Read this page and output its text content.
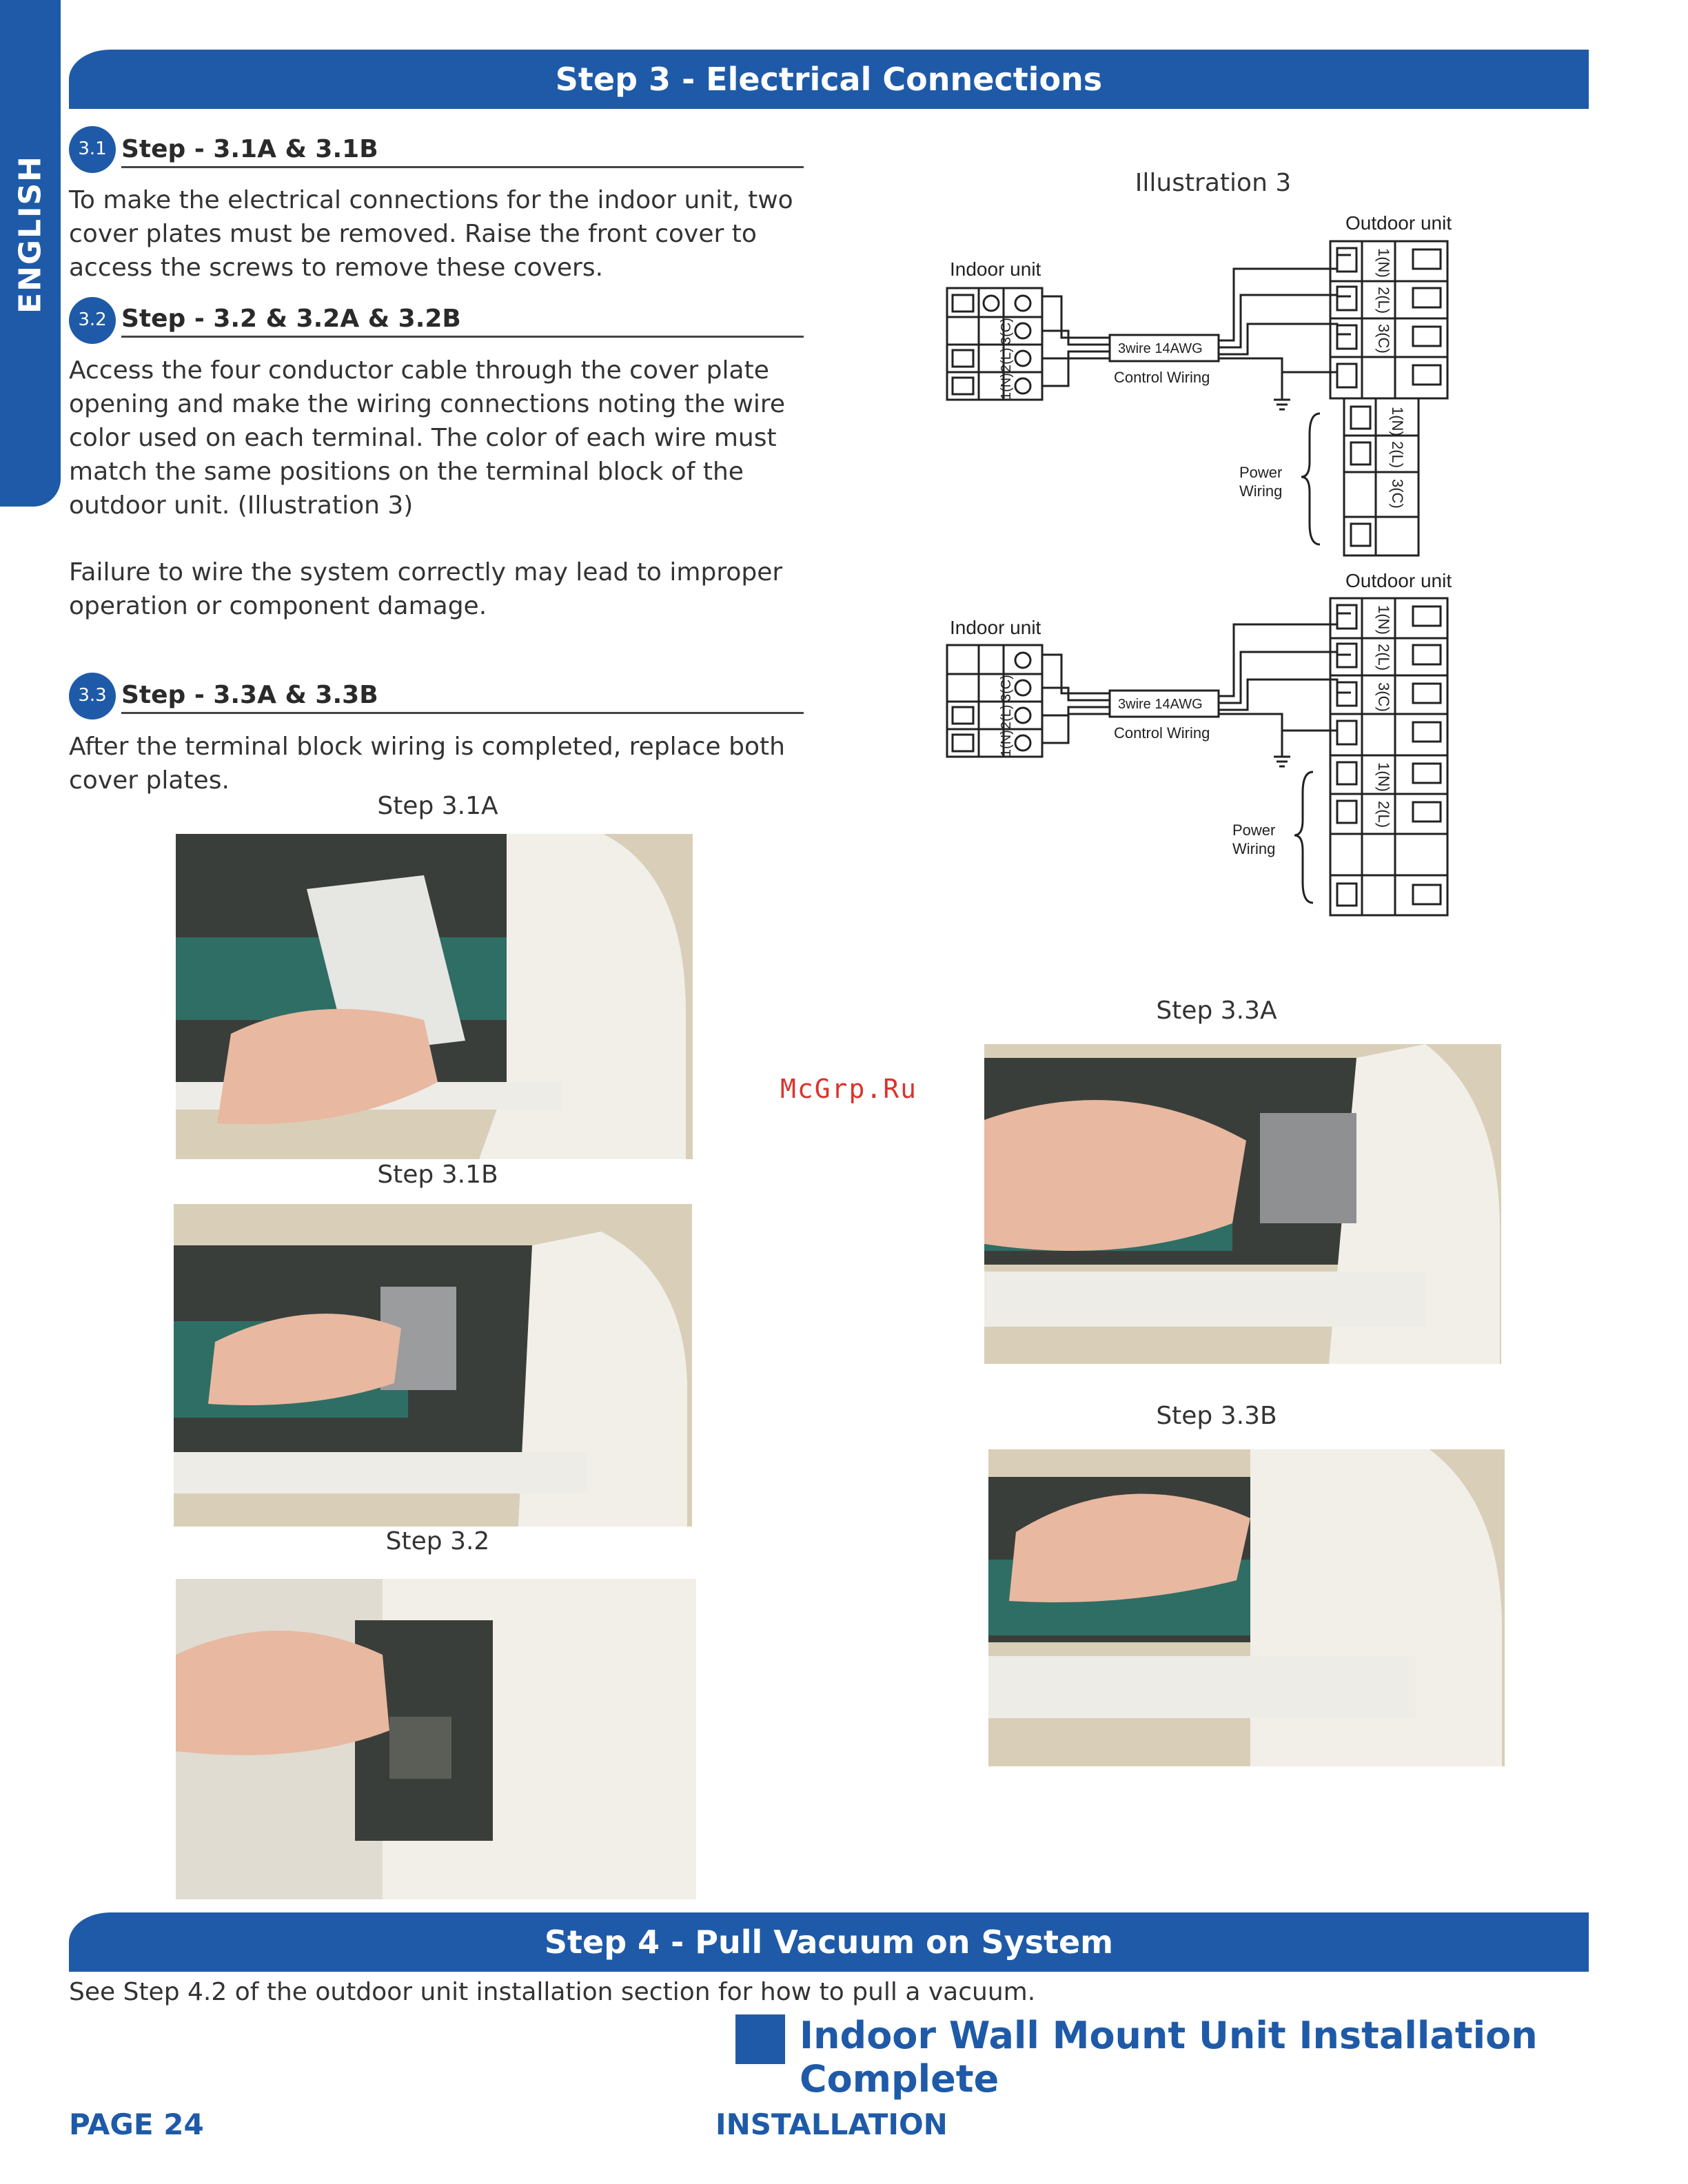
ENGLISH
Step 3 - Electrical Connections
3.1 Step - 3.1A & 3.1B
To make the electrical connections for the indoor unit, two
cover plates must be removed. Raise the front cover to
access the screws to remove these covers.
3.2 Step - 3.2 & 3.2A & 3.2B
Access the four conductor cable through the cover plate
opening and make the wiring connections noting the wire
color used on each terminal. The color of each wire must
match the same positions on the terminal block of the
outdoor unit. (Illustration 3)
Failure to wire the system correctly may lead to improper
operation or component damage.
3.3 Step - 3.3A & 3.3B
After the terminal block wiring is completed, replace both
cover plates.
Illustration 3
Indoor unit
Outdoor unit
3wire 14AWG
Control Wiring
Power
Wiring
1(N)
2(L)
3(C)
1(N)
2(L)
3(C)
3(C)
2(L)
1(N)
Indoor unit
Outdoor unit
3wire 14AWG
Control Wiring
Power
Wiring
1(N)
2(L)
3(C)
1(N)
2(L)
3(C)
2(L)
1(N)
Step 3.1A
Step 3.1B
Step 3.2
McGrp.Ru
Step 3.3A
Step 3.3B
Step 4 - Pull Vacuum on System
See Step 4.2 of the outdoor unit installation section for how to pull a vacuum.
Indoor Wall Mount Unit Installation Complete
PAGE 24	INSTALLATION
